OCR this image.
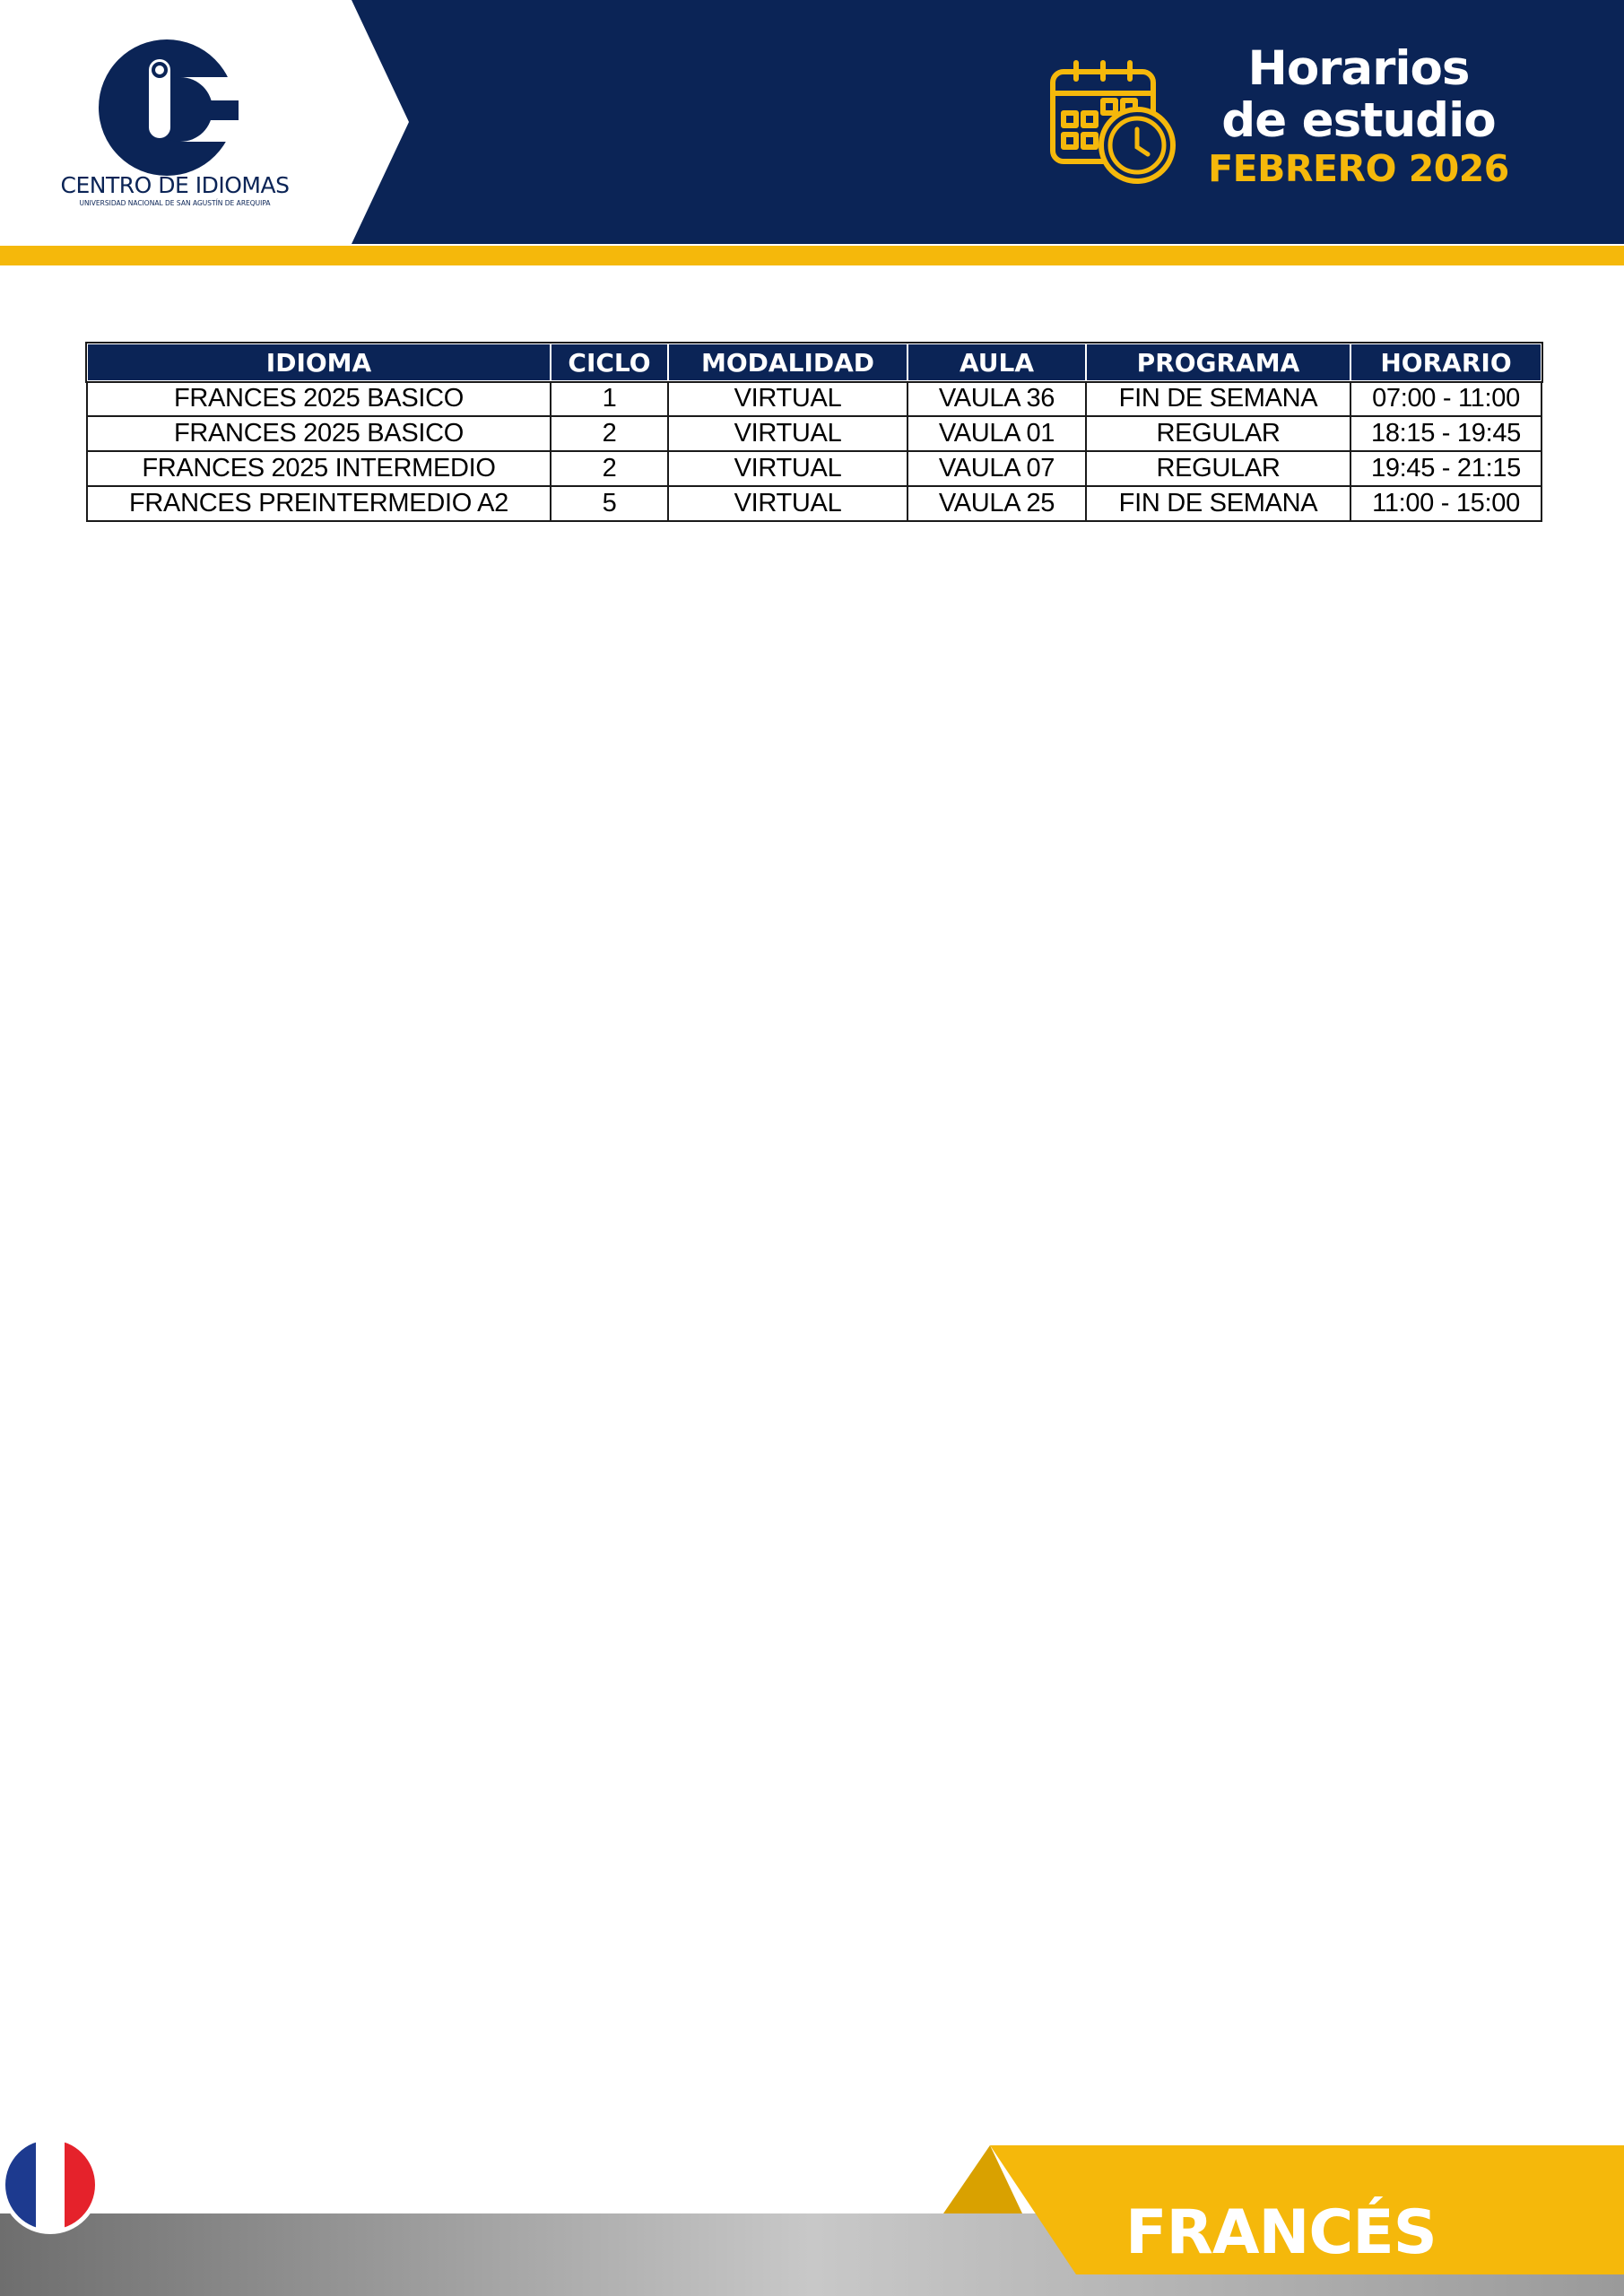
CENTRO DE IDIOMAS
UNIVERSIDAD NACIONAL DE SAN AGUSTÍN DE AREQUIPA
Horarios
de estudio
FEBRERO 2026
IDIOMA	CICLO	MODALIDAD	AULA	PROGRAMA	HORARIO
FRANCES 2025 BASICO	1	VIRTUAL	VAULA 36	FIN DE SEMANA	07:00 - 11:00
FRANCES 2025 BASICO	2	VIRTUAL	VAULA 01	REGULAR	18:15 - 19:45
FRANCES 2025 INTERMEDIO	2	VIRTUAL	VAULA 07	REGULAR	19:45 - 21:15
FRANCES PREINTERMEDIO A2	5	VIRTUAL	VAULA 25	FIN DE SEMANA	11:00 - 15:00
FRANCÉS
